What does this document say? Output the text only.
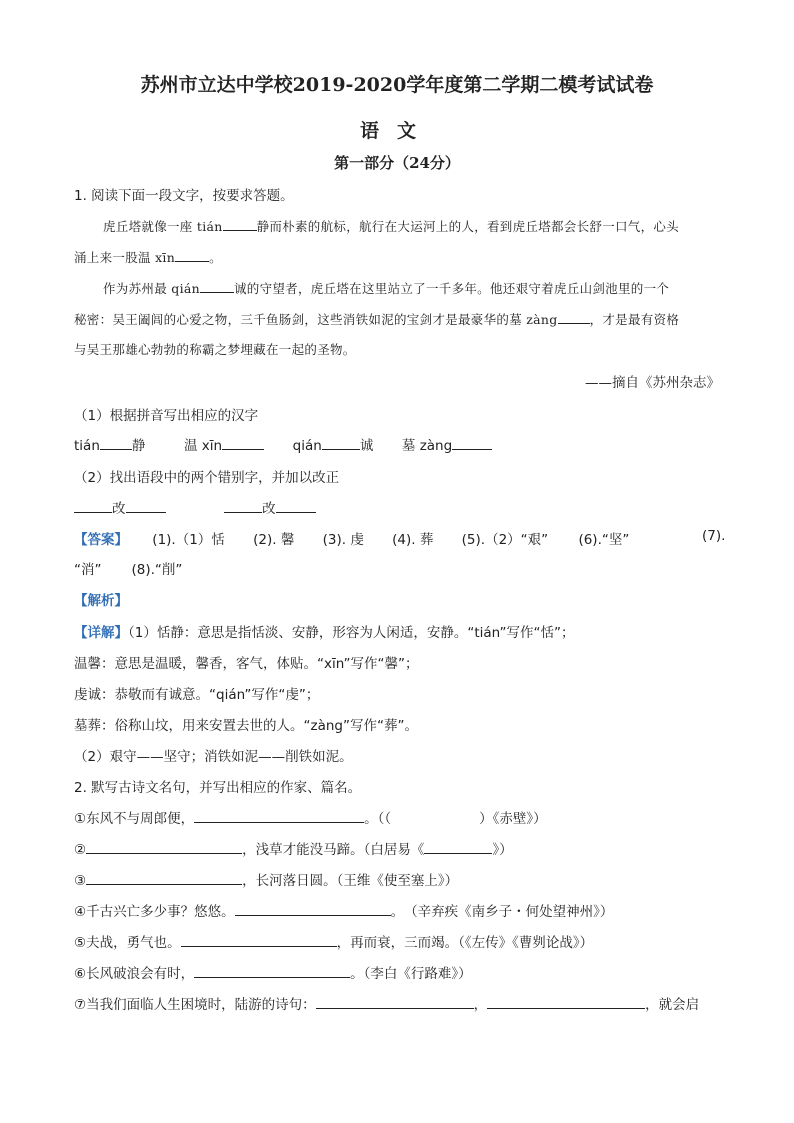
苏州市立达中学校2019-2020学年度第二学期二模考试试卷
语文
第一部分（24分）
1. 阅读下面一段文字，按要求答题。
虎丘塔就像一座 tián	静而朴素的航标，航行在大运河上的人，看到虎丘塔都会长舒一口气，心头
涌上来一股温 xīn	。
作为苏州最 qián	诚的守望者，虎丘塔在这里站立了一千多年。他还艰守着虎丘山剑池里的一个
秘密：吴王阖闾的心爱之物，三千鱼肠剑，这些消铁如泥的宝剑才是最豪华的墓 zàng	，才是最有资格
与吴王那雄心勃勃的称霸之梦埋藏在一起的圣物。
——摘自《苏州杂志》
（1）根据拼音写出相应的汉字
tián 静	温 xīn	qián	诚 墓 zàng
（2）找出语段中的两个错别字，并加以改正
改	改
【答案】 (1).（1）恬 (2). 馨 (3). 虔 (4). 葬 (5).（2）“艰” (6).“坚”	(7).
“消” (8).“削”
【解析】
【详解】（1）恬静：意思是指恬淡、安静，形容为人闲适，安静。“tián”写作“恬”；
温馨：意思是温暖，馨香，客气，体贴。“xīn”写作“馨”；
虔诚：恭敬而有诚意。“qián”写作“虔”；
墓葬：俗称山坟，用来安置去世的人。“zàng”写作“葬”。
（2）艰守——坚守；消铁如泥——削铁如泥。
2. 默写古诗文名句，并写出相应的作家、篇名。
①东风不与周郎便，	。（（	）《赤壁》）
②	，浅草才能没马蹄。（白居易《	》）
③	，长河落日圆。（王维《使至塞上》）
④千古兴亡多少事？悠悠。	。　（辛弃疾《南乡子・何处望神州》）
⑤夫战，勇气也。	，再而衰，三而竭。（《左传》《曹刿论战》）
⑥长风破浪会有时，	。（李白《行路难》）
⑦当我们面临人生困境时，陆游的诗句：	，	，就会启
